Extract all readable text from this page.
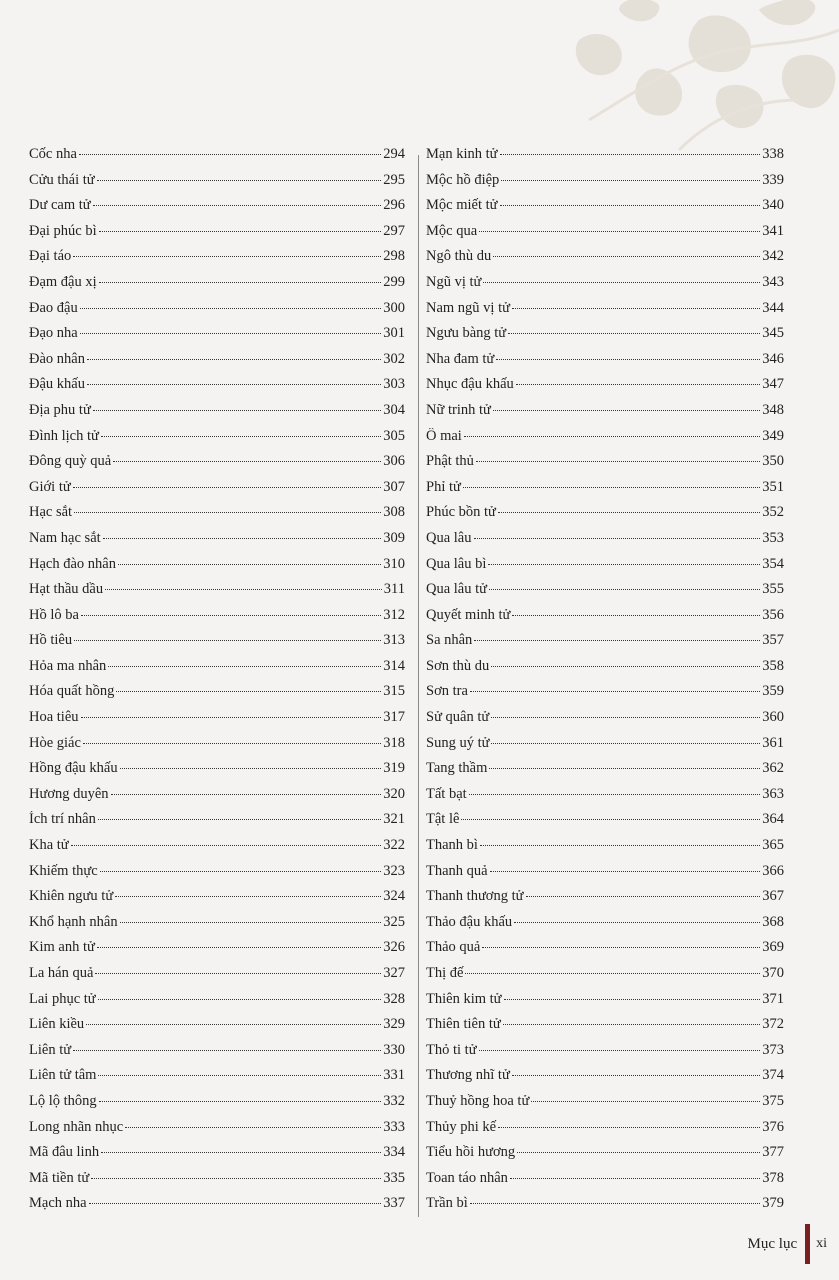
Cốc nha	294
Cửu thái tử	295
Dư cam tử	296
Đại phúc bì	297
Đại táo	298
Đạm đậu xị	299
Đao đậu	300
Đạo nha	301
Đào nhân	302
Đậu khấu	303
Địa phu tử	304
Đình lịch tử	305
Đông quỳ quả	306
Giới tử	307
Hạc sắt	308
Nam hạc sắt	309
Hạch đào nhân	310
Hạt thầu dầu	311
Hồ lô ba	312
Hồ tiêu	313
Hỏa ma nhân	314
Hóa quất hồng	315
Hoa tiêu	317
Hòe giác	318
Hồng đậu khấu	319
Hương duyên	320
Ích trí nhân	321
Kha tử	322
Khiếm thực	323
Khiên ngưu tử	324
Khổ hạnh nhân	325
Kim anh tử	326
La hán quả	327
Lai phục tử	328
Liên kiều	329
Liên tử	330
Liên tử tâm	331
Lộ lộ thông	332
Long nhãn nhục	333
Mã đâu linh	334
Mã tiền tử	335
Mạch nha	337
Mạn kinh tử	338
Mộc hồ điệp	339
Mộc miết tử	340
Mộc qua	341
Ngô thù du	342
Ngũ vị tử	343
Nam ngũ vị tử	344
Ngưu bàng tử	345
Nha đam tử	346
Nhục đậu khấu	347
Nữ trinh tử	348
Ô mai	349
Phật thủ	350
Phỉ tử	351
Phúc bồn tử	352
Qua lâu	353
Qua lâu bì	354
Qua lâu tử	355
Quyết minh tử	356
Sa nhân	357
Sơn thù du	358
Sơn tra	359
Sử quân tử	360
Sung uý tử	361
Tang thầm	362
Tất bạt	363
Tật lê	364
Thanh bì	365
Thanh quả	366
Thanh thương tử	367
Thảo đậu khấu	368
Thảo quả	369
Thị đế	370
Thiên kim tử	371
Thiên tiên tử	372
Thỏ ti tử	373
Thương nhĩ tử	374
Thuỷ hồng hoa tử	375
Thủy phi kế	376
Tiểu hồi hương	377
Toan táo nhân	378
Trần bì	379
Mục lục xi
